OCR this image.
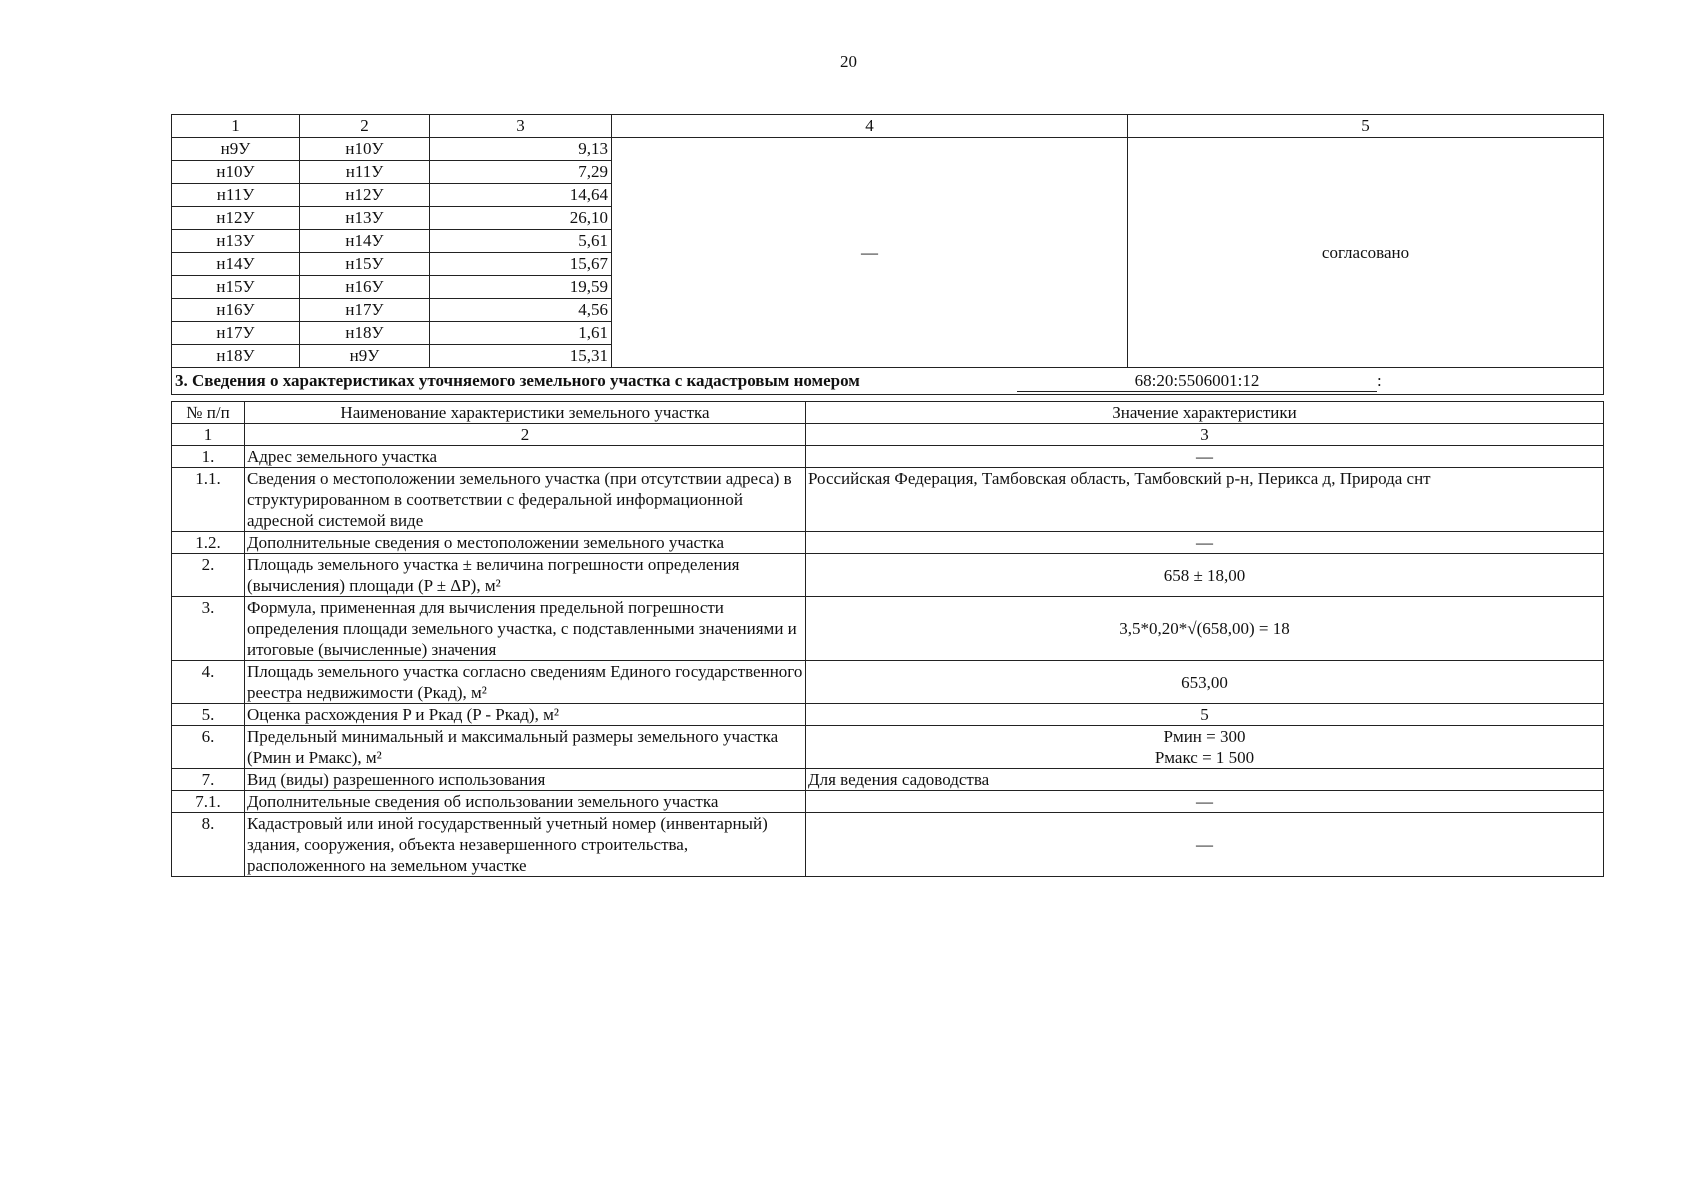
20
1	2	3	4	5
н9У	н10У	9,13	—	согласовано
н10У	н11У	7,29		
н11У	н12У	14,64		
н12У	н13У	26,10		
н13У	н14У	5,61		
н14У	н15У	15,67		
н15У	н16У	19,59		
н16У	н17У	4,56		
н17У	н18У	1,61		
н18У	н9У	15,31		
3. Сведения о характеристиках уточняемого земельного участка с кадастровым номером 68:20:5506001:12 :				
№ п/п	Наименование характеристики земельного участка	Значение характеристики
1	2	3
1.	Адрес земельного участка	—
1.1.	Сведения о местоположении земельного участка (при отсутствии адреса) в структурированном в соответствии с федеральной информационной адресной системой виде	Российская Федерация, Тамбовская область, Тамбовский р-н, Перикса д, Природа снт
1.2.	Дополнительные сведения о местоположении земельного участка	—
2.	Площадь земельного участка ± величина погрешности определения (вычисления) площади (P ± ΔP), м²	658 ± 18,00
3.	Формула, примененная для вычисления предельной погрешности определения площади земельного участка, с подставленными значениями и итоговые (вычисленные) значения	3,5*0,20*√(658,00) = 18
4.	Площадь земельного участка согласно сведениям Единого государственного реестра недвижимости (Pкад), м²	653,00
5.	Оценка расхождения P и Pкад (P - Pкад), м²	5
6.	Предельный минимальный и максимальный размеры земельного участка (Pмин и Pмакс), м²	Pмин = 300
Pмакс = 1 500

7.	Вид (виды) разрешенного использования	Для ведения садоводства
7.1.	Дополнительные сведения об использовании земельного участка	—
8.	Кадастровый или иной государственный учетный номер (инвентарный) здания, сооружения, объекта незавершенного строительства, расположенного на земельном участке	—
